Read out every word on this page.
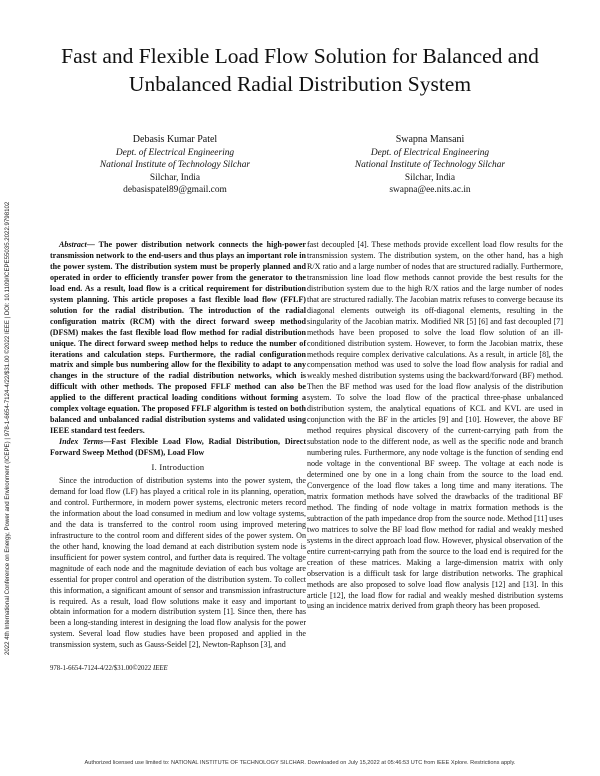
2022 4th International Conference on Energy, Power and Environment (ICEPE) | 978-1-6654-7124-4/22/$31.00 ©2022 IEEE | DOI: 10.1109/ICEPE55035.2022.9798102
Fast and Flexible Load Flow Solution for Balanced and Unbalanced Radial Distribution System
Debasis Kumar Patel
Dept. of Electrical Engineering
National Institute of Technology Silchar
Silchar, India
debasispatel89@gmail.com
Swapna Mansani
Dept. of Electrical Engineering
National Institute of Technology Silchar
Silchar, India
swapna@ee.nits.ac.in

Abstract— The power distribution network connects the high-power transmission network to the end-users and thus plays an important role in the power system. The distribution system must be properly planned and operated in order to efficiently transfer power from the generator to the load end. As a result, load flow is a critical requirement for distribution system planning. This article proposes a fast flexible load flow (FFLF) solution for the radial distribution. The introduction of the radial configuration matrix (RCM) with the direct forward sweep method (DFSM) makes the fast flexible load flow method for radial distribution unique. The direct forward sweep method helps to reduce the number of iterations and calculation steps. Furthermore, the radial configuration matrix and simple bus numbering allow for the flexibility to adapt to any changes in the structure of the radial distribution networks, which is difficult with other methods. The proposed FFLF method can also be applied to the different practical loading conditions without forming a complex voltage equation. The proposed FFLF algorithm is tested on both balanced and unbalanced radial distribution systems and validated using IEEE standard test feeders.

Index Terms—Fast Flexible Load Flow, Radial Distribution, Direct Forward Sweep Method (DFSM), Load Flow

I. Introduction

Since the introduction of distribution systems into the power system, the demand for load flow (LF) has played a critical role in its planning, operation, and control. Furthermore, in modern power systems, electronic meters record the information about the load consumed in medium and low voltage systems, and the data is transferred to the control room using improved metering infrastructure to the control room and different sides of the power system. On the other hand, knowing the load demand at each distribution system node is insufficient for power system control, and further data is required. The voltage magnitude of each node and the magnitude deviation of each bus voltage are essential for proper control and operation of the distribution system. To collect this information, a significant amount of sensor and transmission infrastructure is required. As a result, load flow solutions make it easy and important to obtain information for a modern distribution system [1]. Since then, there has been a long-standing interest in designing the load flow analysis for the power system. Several load flow studies have been proposed and applied in the transmission system, such as Gauss-Seidel [2], Newton-Raphson [3], and

978-1-6654-7124-4/22/$31.00©2022 IEEE

fast decoupled [4]. These methods provide excellent load flow results for the transmission system. The distribution system, on the other hand, has a high R/X ratio and a large number of nodes that are structured radially. Furthermore, transmission line load flow methods cannot provide the best results for the distribution system due to the high R/X ratios and the large number of nodes that are structured radially. The Jacobian matrix refuses to converge because its diagonal elements outweigh its off-diagonal elements, resulting in the singularity of the Jacobian matrix. Modified NR [5] [6] and fast decoupled [7] methods have been proposed to solve the load flow solution of an ill-conditioned distribution system. However, to form the Jacobian matrix, these methods require complex derivative calculations. As a result, in article [8], the compensation method was used to solve the load flow analysis for radial and weakly meshed distribution systems using the backward/forward (BF) method. Then the BF method was used for the load flow analysis of the distribution system. To solve the load flow of the practical three-phase unbalanced distribution system, the analytical equations of KCL and KVL are used in conjunction with the BF in the articles [9] and [10]. However, the above BF method requires physical discovery of the current-carrying path from the substation node to the different node, as well as the specific node and branch numbering rules. Furthermore, any node voltage is the function of sending end node voltage in the conventional BF sweep. The voltage at each node is determined one by one in a long chain from the source to the load end. Convergence of the load flow takes a long time and many iterations. The matrix formation methods have solved the drawbacks of the traditional BF method. The finding of node voltage in matrix formation methods is the subtraction of the path impedance drop from the source node. Method [11] uses two matrices to solve the BF load flow method for radial and weakly meshed systems in the direct approach load flow. However, physical observation of the entire current-carrying path from the source to the load end is required for the creation of these matrices. Making a large-dimension matrix with only observation is a difficult task for large distribution networks. The graphical methods are also proposed to solve load flow analysis [12] and [13]. In this article [12], the load flow for radial and weakly meshed distribution systems using an incidence matrix derived from graph theory has been proposed.

Authorized licensed use limited to: NATIONAL INSTITUTE OF TECHNOLOGY SILCHAR. Downloaded on July 15,2022 at 05:46:53 UTC from IEEE Xplore. Restrictions apply.
